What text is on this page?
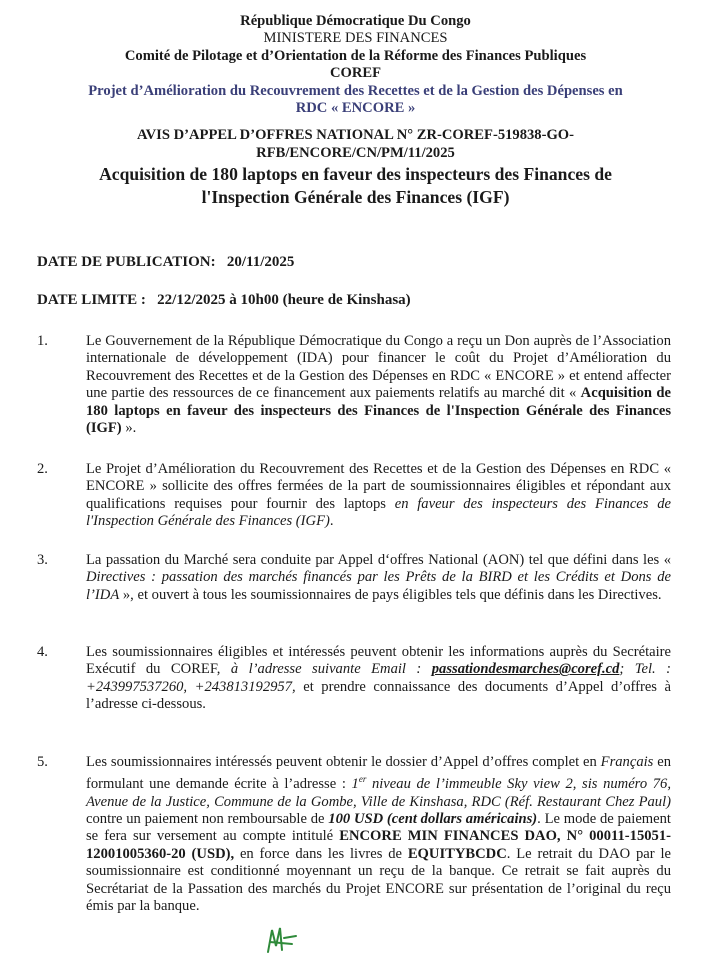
République Démocratique Du Congo
MINISTERE DES FINANCES
Comité de Pilotage et d’Orientation de la Réforme des Finances Publiques
COREF
Projet d’Amélioration du Recouvrement des Recettes et de la Gestion des Dépenses en
RDC « ENCORE »
AVIS D’APPEL D’OFFRES NATIONAL N° ZR-COREF-519838-GO-
RFB/ENCORE/CN/PM/11/2025
Acquisition de 180 laptops en faveur des inspecteurs des Finances de
l'Inspection Générale des Finances (IGF)
DATE DE PUBLICATION: 20/11/2025
DATE LIMITE : 22/12/2025 à 10h00 (heure de Kinshasa)
1.	Le Gouvernement de la République Démocratique du Congo a reçu un Don auprès de l’Association internationale de développement (IDA) pour financer le coût du Projet d’Amélioration du Recouvrement des Recettes et de la Gestion des Dépenses en RDC « ENCORE » et entend affecter une partie des ressources de ce financement aux paiements relatifs au marché dit « Acquisition de 180 laptops en faveur des inspecteurs des Finances de l'Inspection Générale des Finances (IGF) ».
2.	Le Projet d’Amélioration du Recouvrement des Recettes et de la Gestion des Dépenses en RDC « ENCORE » sollicite des offres fermées de la part de soumissionnaires éligibles et répondant aux qualifications requises pour fournir des laptops en faveur des inspecteurs des Finances de l'Inspection Générale des Finances (IGF).
3.	La passation du Marché sera conduite par Appel d‘offres National (AON) tel que défini dans les « Directives : passation des marchés financés par les Prêts de la BIRD et les Crédits et Dons de l’IDA », et ouvert à tous les soumissionnaires de pays éligibles tels que définis dans les Directives.
4.	Les soumissionnaires éligibles et intéressés peuvent obtenir les informations auprès du Secrétaire Exécutif du COREF, à l’adresse suivante Email : passationdesmarches@coref.cd; Tel. : +243997537260, +243813192957, et prendre connaissance des documents d’Appel d’offres à l’adresse ci-dessous.
5.	Les soumissionnaires intéressés peuvent obtenir le dossier d’Appel d’offres complet en Français en formulant une demande écrite à l’adresse : 1er niveau de l’immeuble Sky view 2, sis numéro 76, Avenue de la Justice, Commune de la Gombe, Ville de Kinshasa, RDC (Réf. Restaurant Chez Paul) contre un paiement non remboursable de 100 USD (cent dollars américains). Le mode de paiement se fera sur versement au compte intitulé ENCORE MIN FINANCES DAO, N° 00011-15051-12001005360-20 (USD), en force dans les livres de EQUITYBCDC. Le retrait du DAO par le soumissionnaire est conditionné moyennant un reçu de la banque. Ce retrait se fait auprès du Secrétariat de la Passation des marchés du Projet ENCORE sur présentation de l’original du reçu émis par la banque.
